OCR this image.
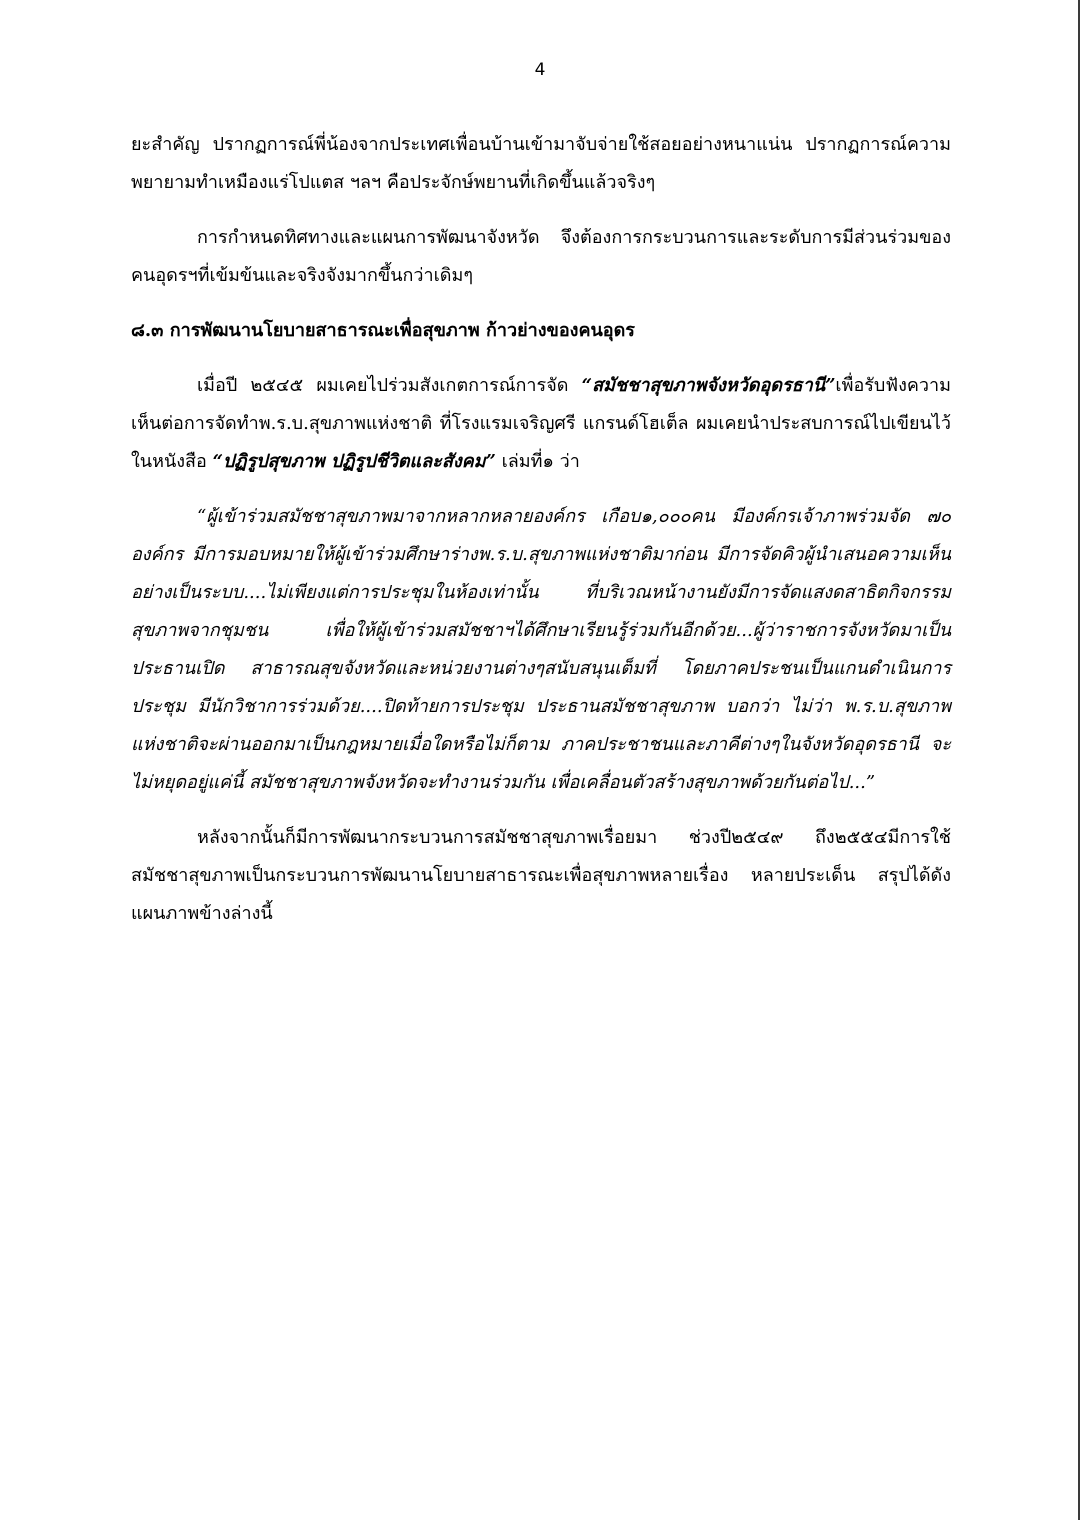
4

ยะสำคัญ ปรากฏการณ์พี่น้องจากประเทศเพื่อนบ้านเข้ามาจับจ่ายใช้สอยอย่างหนาแน่น ปรากฏการณ์ความพยายามทำเหมืองแร่โปแตส ฯลฯ คือประจักษ์พยานที่เกิดขึ้นแล้วจริงๆ

การกำหนดทิศทางและแผนการพัฒนาจังหวัด จึงต้องการกระบวนการและระดับการมีส่วนร่วมของคนอุดรฯที่เข้มข้นและจริงจังมากขึ้นกว่าเดิมๆ

๘.๓ การพัฒนานโยบายสาธารณะเพื่อสุขภาพ ก้าวย่างของคนอุดร

เมื่อปี ๒๕๔๕ ผมเคยไปร่วมสังเกตการณ์การจัด “สมัชชาสุขภาพจังหวัดอุดรธานี”เพื่อรับฟังความเห็นต่อการจัดทำพ.ร.บ.สุขภาพแห่งชาติ ที่โรงแรมเจริญศรี แกรนด์โฮเต็ล ผมเคยนำประสบการณ์ไปเขียนไว้ในหนังสือ “ปฏิรูปสุขภาพ ปฏิรูปชีวิตและสังคม” เล่มที่๑ ว่า

“ผู้เข้าร่วมสมัชชาสุขภาพมาจากหลากหลายองค์กร เกือบ๑,๐๐๐คน มีองค์กรเจ้าภาพร่วมจัด ๗๐ องค์กร มีการมอบหมายให้ผู้เข้าร่วมศึกษาร่างพ.ร.บ.สุขภาพแห่งชาติมาก่อน มีการจัดคิวผู้นำเสนอความเห็นอย่างเป็นระบบ....ไม่เพียงแต่การประชุมในห้องเท่านั้น ที่บริเวณหน้างานยังมีการจัดแสงดสาธิตกิจกรรมสุขภาพจากชุมชน เพื่อให้ผู้เข้าร่วมสมัชชาฯได้ศึกษาเรียนรู้ร่วมกันอีกด้วย...ผู้ว่าราชการจังหวัดมาเป็นประธานเปิด สาธารณสุขจังหวัดและหน่วยงานต่างๆสนับสนุนเต็มที่ โดยภาคประชนเป็นแกนดำเนินการประชุม มีนักวิชาการร่วมด้วย....ปิดท้ายการประชุม ประธานสมัชชาสุขภาพ บอกว่า ไม่ว่า พ.ร.บ.สุขภาพแห่งชาติจะผ่านออกมาเป็นกฎหมายเมื่อใดหรือไม่ก็ตาม ภาคประชาชนและภาคีต่างๆในจังหวัดอุดรธานี จะไม่หยุดอยู่แค่นี้ สมัชชาสุขภาพจังหวัดจะทำงานร่วมกัน เพื่อเคลื่อนตัวสร้างสุขภาพด้วยกันต่อไป...”

หลังจากนั้นก็มีการพัฒนากระบวนการสมัชชาสุขภาพเรื่อยมา ช่วงปี๒๕๔๙ ถึง๒๕๕๔มีการใช้สมัชชาสุขภาพเป็นกระบวนการพัฒนานโยบายสาธารณะเพื่อสุขภาพหลายเรื่อง หลายประเด็น สรุปได้ดังแผนภาพข้างล่างนี้
